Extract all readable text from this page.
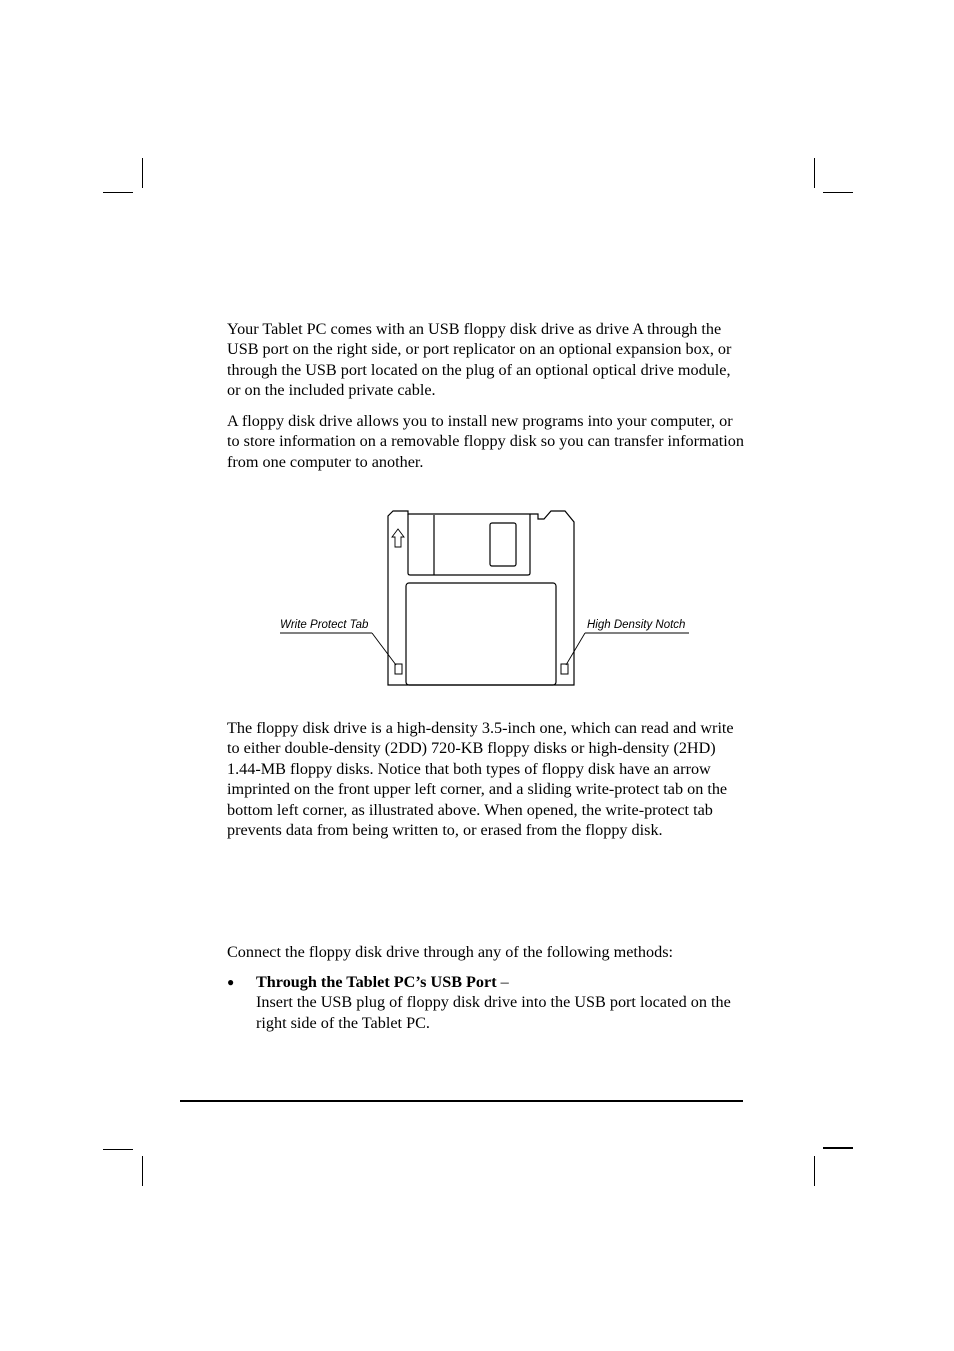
Your Tablet PC comes with an USB floppy disk drive as drive A through the USB port on the right side, or port replicator on an optional expansion box, or through the USB port located on the plug of an optional optical drive module, or on the included private cable.

A floppy disk drive allows you to install new programs into your computer, or to store information on a removable floppy disk so you can transfer information from one computer to another.

Write Protect Tab	High Density Notch

The floppy disk drive is a high-density 3.5-inch one, which can read and write to either double-density (2DD) 720-KB floppy disks or high-density (2HD) 1.44-MB floppy disks. Notice that both types of floppy disk have an arrow imprinted on the front upper left corner, and a sliding write-protect tab on the bottom left corner, as illustrated above. When opened, the write-protect tab prevents data from being written to, or erased from the floppy disk.

Connect the floppy disk drive through any of the following methods:

● Through the Tablet PC’s USB Port –
Insert the USB plug of floppy disk drive into the USB port located on the right side of the Tablet PC.
